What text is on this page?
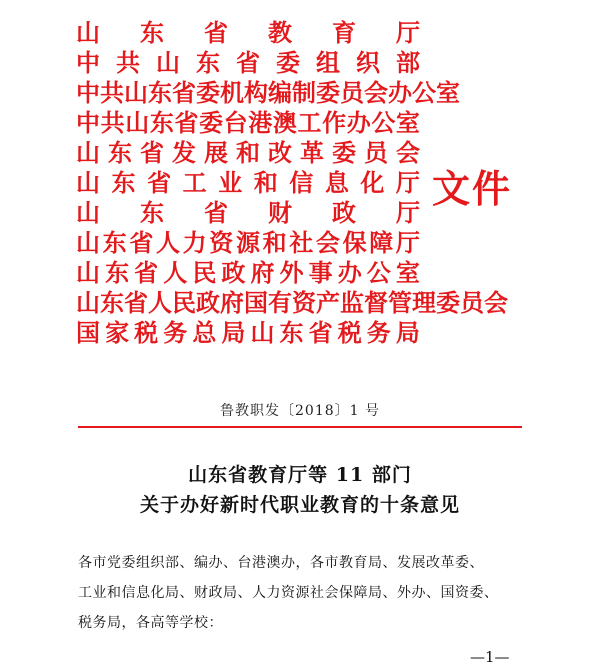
山 东 省 教 育 厅
中 共 山 东 省 委 组 织 部
中 共 山 东 省 委 机 构 编 制 委 员 会 办 公 室
中 共 山 东 省 委 台 港 澳 工 作 办 公 室
山 东 省 发 展 和 改 革 委 员 会
山 东 省 工 业 和 信 息 化 厅
山 东 省 财 政 厅
山 东 省 人 力 资 源 和 社 会 保 障 厅
山 东 省 人 民 政 府 外 事 办 公 室
山 东 省 人 民 政 府 国 有 资 产 监 督 管 理 委 员 会
国 家 税 务 总 局 山 东 省 税 务 局
文件
鲁教职发〔2018〕1 号
山东省教育厅等 11 部门
关于办好新时代职业教育的十条意见
各市党委组织部、编办、台港澳办，各市教育局、发展改革委、
工业和信息化局、财政局、人力资源社会保障局、外办、国资委、
税务局，各高等学校：
—1—
